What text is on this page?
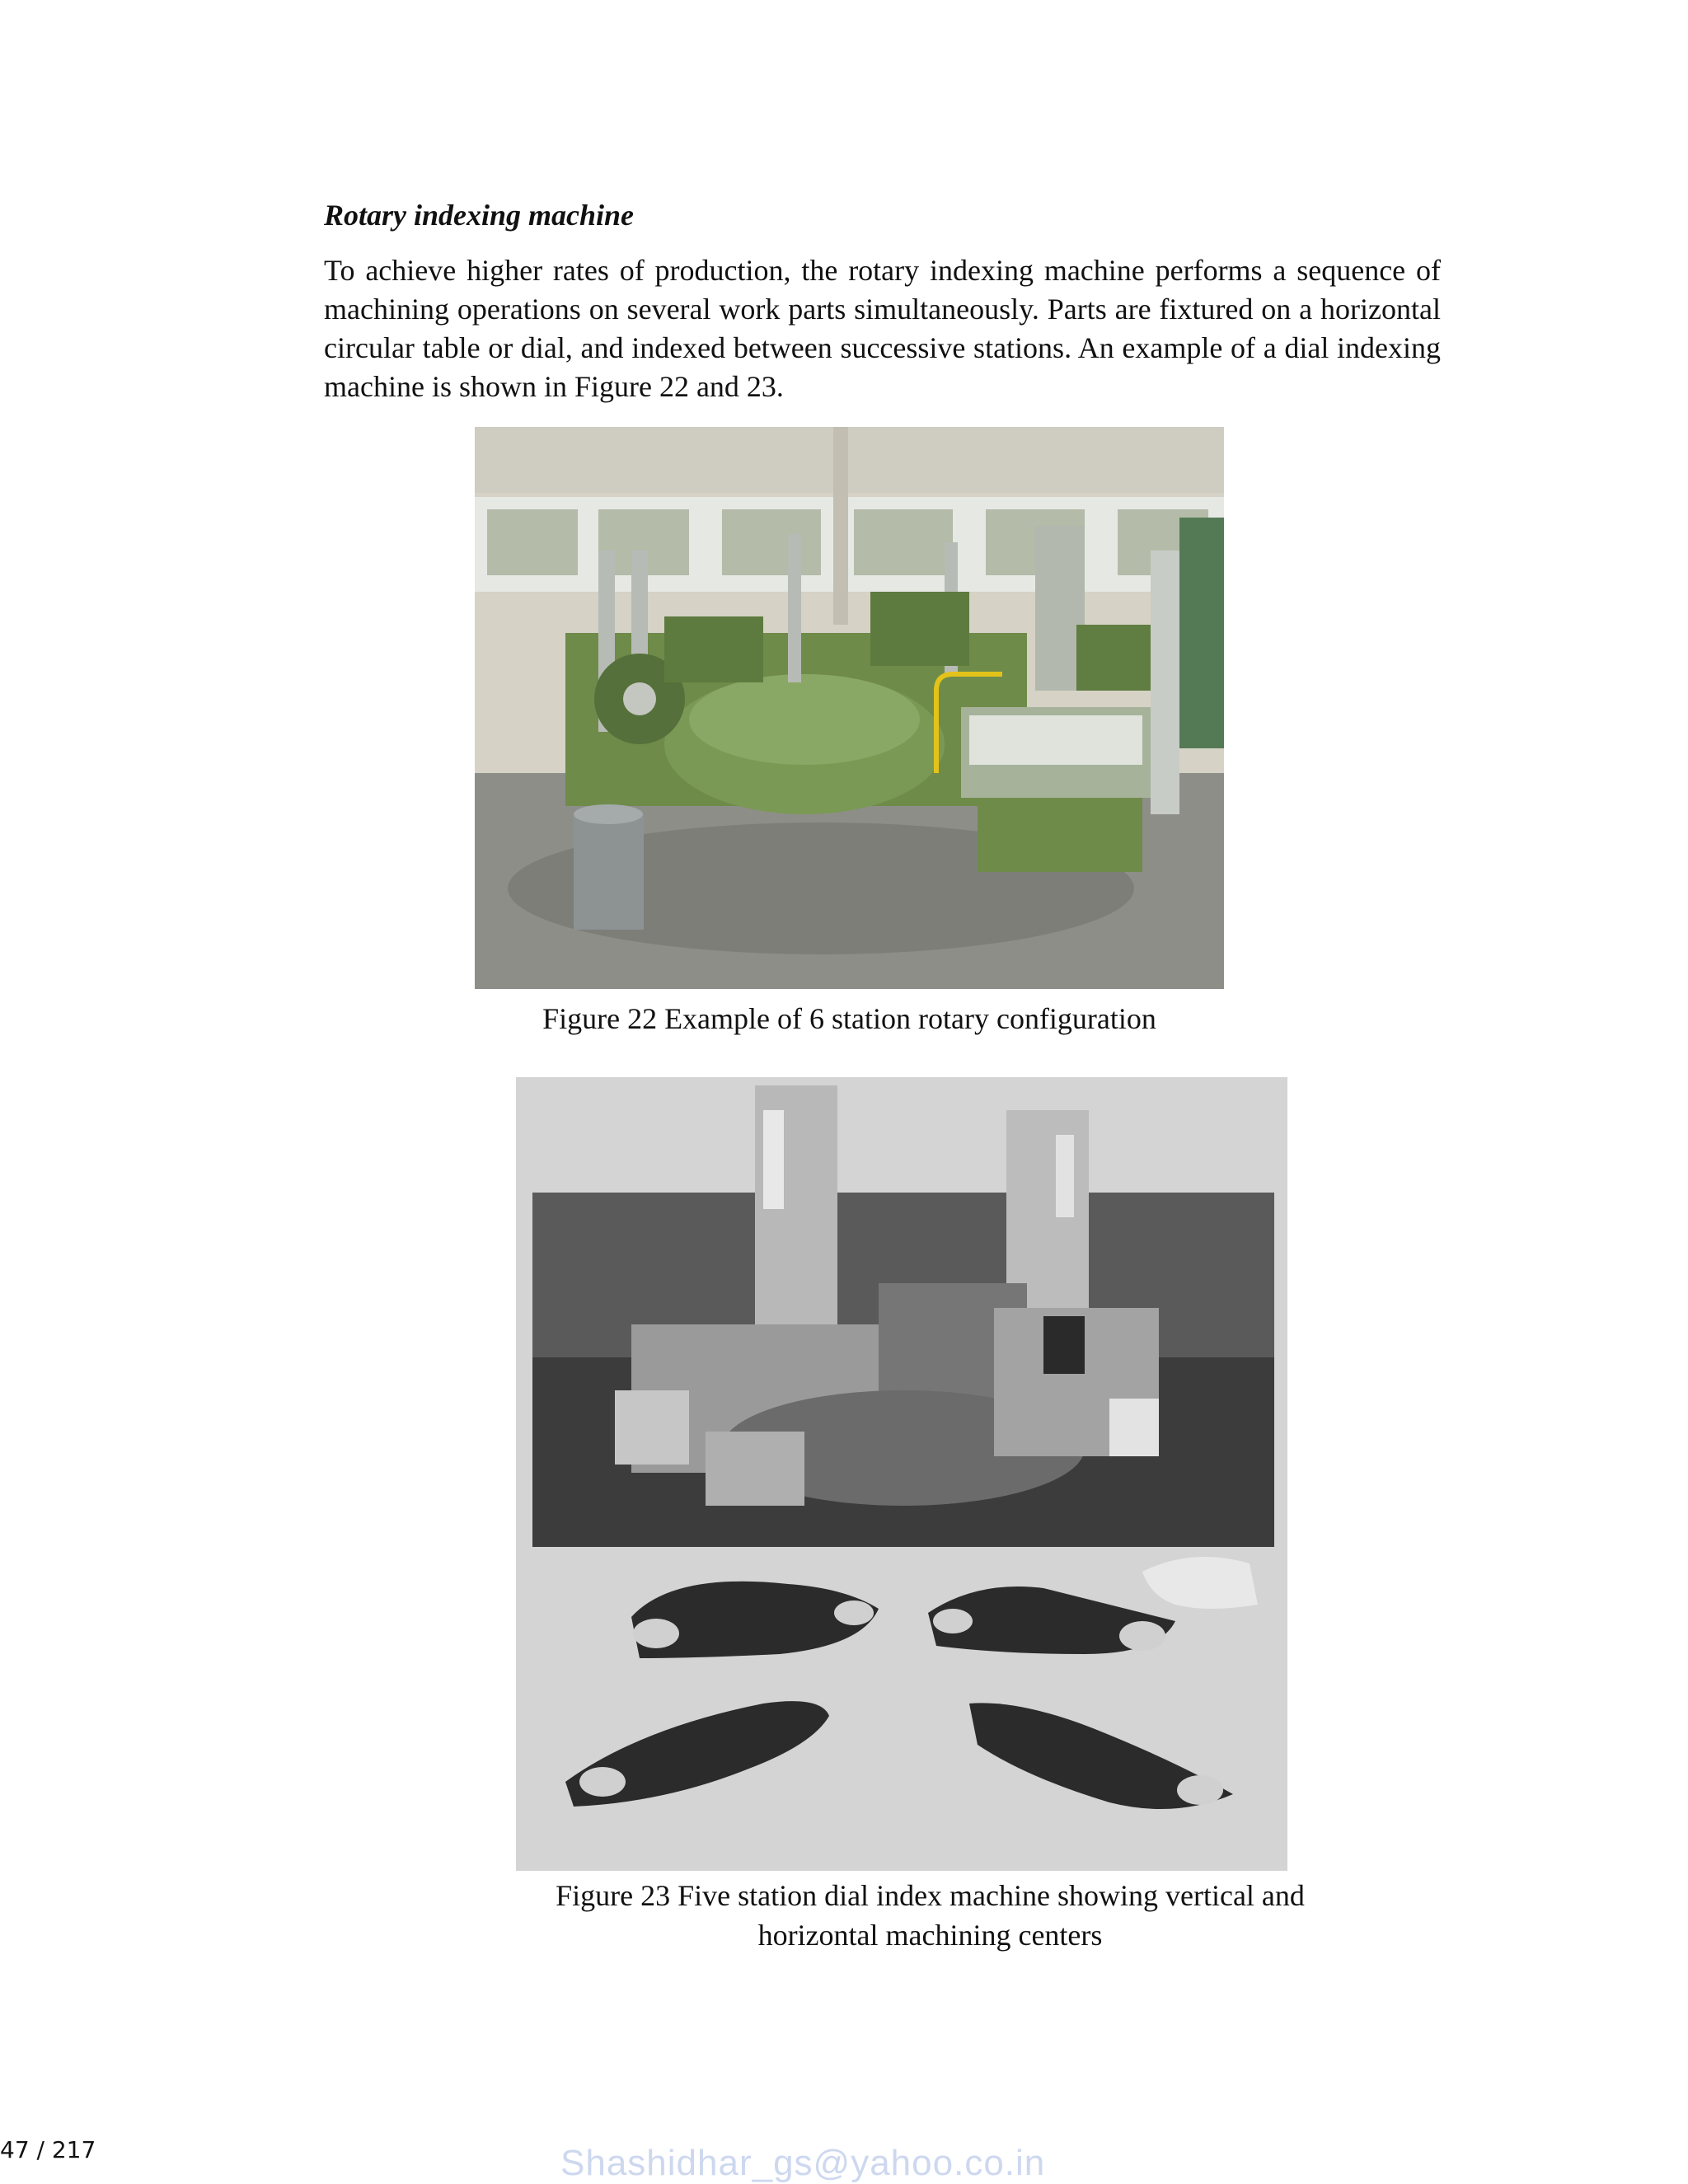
Rotary indexing machine

To achieve higher rates of production, the rotary indexing machine performs a sequence of machining operations on several work parts simultaneously. Parts are fixtured on a horizontal circular table or dial, and indexed between successive stations. An example of a dial indexing machine is shown in Figure 22 and 23.

Figure 22 Example of 6 station rotary configuration
Figure 23 Five station dial index machine showing vertical and
horizontal machining centers
47 / 217	Shashidhar_gs@yahoo.co.in
